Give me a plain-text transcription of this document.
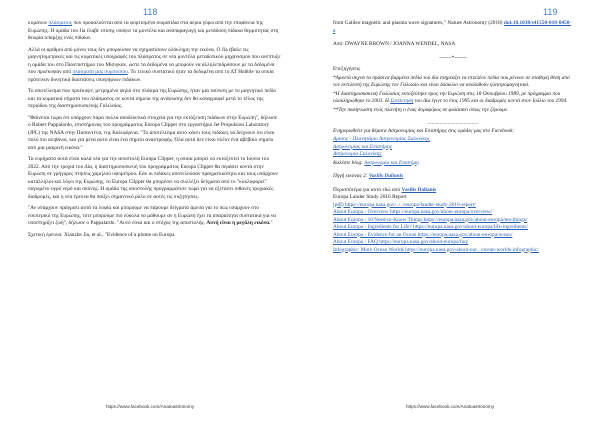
118

κυμάτων πλάσματος που προκαλούνται από τα φορτισμένα σωματίδια στα αέρια γύρω από την επιφάνεια της Ευρώπης. Η ομάδα του Jia έλαβε επίσης υπόψιν τα μοντέλα και αναπαραγωγή και μετάδοση πίδακα θερμότητας στη θεωρία ύπαρξης ενός πίδακα.

Αλλά οι αριθμοί από μόνοι τους δεν μπορούσαν να σχηματίσουν ολόκληρη την εικόνα. Ο Jia έβαλε τις μαγνητομετρικές και τις κυματικές υπογραφές του πλάσματος σε νέα μοντέλα μεταδοτικού μηχανισμού που ανέπτυξε η ομάδα του στο Πανεπιστήμιο του Μίσιγκαν, ώστε τα δεδομένα να μπορούν να αλληλεπιδράσουν με τα δεδομένα που προέκυψαν από πλάσματα μας συμπόσιου. Το τελικό συστατικό ήταν τα δεδομένα από το ΔΤ Hubble τα οποία πρότειναν δυνητικά διαστάσεις υποψήφιων πιδάκων.

Το αποτέλεσμα που προέκυψε, μετρημένο ψηλά στο πλάσμα της Ευρώπης, ήταν μια ταύτιση με το μαγνητικό πεδίο και τα κυματικά σήματα του πλάσματος σε κοντά σημεία της ανύψωσης δεν θα καταγραφεί μετά το τέλος της περιόδου της διαστημοσυσκευής Γαλιλαίος.

"Φαίνεται τώρα ότι υπάρχουν πάρα πολλά αποδεικτικά στοιχεία για την εκτόξευση πιδάκων στην Ευρώπη", δήλωσε ο Robert Pappalardo, επιστήμονας του προγράμματος Europa Clipper στο εργαστήριο Jet Propulsion Laboratory (JPL) της NASA στην Πασαντένα, της Καλιφόρνια. "Το αποτέλεσμα αυτό κάνει τους πιδάκες να δείχνουν ότι είναι πολύ πιο αληθινοί, και για μένα αυτό είναι ένα σημείο αναστροφής. Όλα αυτά δεν είναι πλέον ένα αβέβαιο σημείο από μια μακρινή εικόνα."

Τα ευρήματα αυτά είναι καλά νέα για την αποστολή Europa Clipper, η οποία μπορεί να εκτοξευτεί το Ιούνιο του 2022. Από την τροχιά του Δία, η διαστημοσυσκευή του προγράμματος Europa Clipper θα περάσει κοντά στην Ευρώπη σε γρήγορες πτήσεις χαμηλού υψομέτρου. Εάν οι πιδάκες αποτελούσαν πραγματικότητα και τους υπάρχουν κατάλληλοι και λόγω της Ευρώπης, το Europa Clipper θα μπορέσει να συλλέξει δείγματα από το "κυκλοφορεί" παγωμένο υγρό νερό και σκόνης. Η ομάδα της αποστολής προγραμμάτισε τώρα για να εξετάσει πιθανές τροχιακές διαδρομές, και η νέα έρευνα θα παίξει σημαντικό ρόλο σε αυτές τις συζητήσεις.

"Αν υπάρχουν πράγματι αυτά τα λοφία και μπορούμε να πάρουμε δείγματα άμεσα για το πώς υπάρχουν στο εσωτερικό της Ευρώπης, τότε μπορούμε πιο εύκολα να μάθουμε αν η Ευρώπη έχει τα απαραίτητα συστατικά για να υποστηρίξει ζωή", δήλωσε ο Pappalardo. "Αυτό είναι και ο στόχος της αποστολής. Αυτή είναι η μεγάλη εικόνα."

Σχετική έρευνα: Xianzhe Jia, et al., "Evidence of a plume on Europa

https://www.facebook.com/Anatoastronomy
119

from Galileo magnetic and plasma wave signatures," Nature Astronomy (2018) doi:10.1038/s41550-018-0450-z

Από: DWAYNE BROWN / JOANNA WENDEL, NASA

-------*-------

Επεξηγήσεις

*Αρκετά συχνά τα πράσινα βαμμένα πεδία του δία επηρεάζει τα επιπλέον πεδία που μένουν σε σταθερή θέση από τον εκτελεστή της Ευρώπης τον Γαλιλαίο και είναι δύσκολο να αναλυθούν ηλεκτρομαγνητικά.

*Η διαστημοσυσκευή Γαλιλαίος εκτοξεύτηκε προς την Ευρώπη στις 18 Οκτωβρίου 1989, με πρόγραμμα που ολοκληρώθηκε το 2003. Η Συνάντηση του Δία έγινε το έτος 1995 και οι διαδρομές κοντά στον Ιούλιο του 1994.

**Την πασίγνωστη ενός πλανήτη ο ένας δορυφόρος σε φυλάσσει όπως την ζέρουμε.

......................................

Ενημερωθείτε για θέματα Αστρονομίας και Επιστήμης στις ομάδες μας στο Facebook:

Αμισος - Πλανητάριο Αστρονομίας Σαλονίκης
Αστρονομίας και Επιστήμης
Αστρονομία Σαλονίκης

Καλέστε blog: Αστρονομία και Επιστήμη

Πηγή εικόνας 2: Vasilis Dalianis

Περισσότερα για αυτό εδώ από Vasilis Dalianis
Europa Lander Study 2016 Report
(pdf) https://europa.nasa.gov/../../europa-lander-study-2016-report/
About Europa - Overview https://europa.nasa.gov/about-europa/overview/
About Europa - 10 Need-to-Know Things https://europa.nasa.gov/about-europa/ten-things/
About Europa - Ingredients for Life? https://europa.nasa.gov/about-europa/life-ingredients/
About Europa - Evidence for an Ocean https://europa.nasa.gov/about-europa/ocean/
About Europa - FAQ https://europa.nasa.gov/about-europa/faq/
Infographic: More Ocean Worlds https://europa.nasa.gov/about-our.../ocean-worlds-infographic/

https://www.facebook.com/Anatoastronomy
